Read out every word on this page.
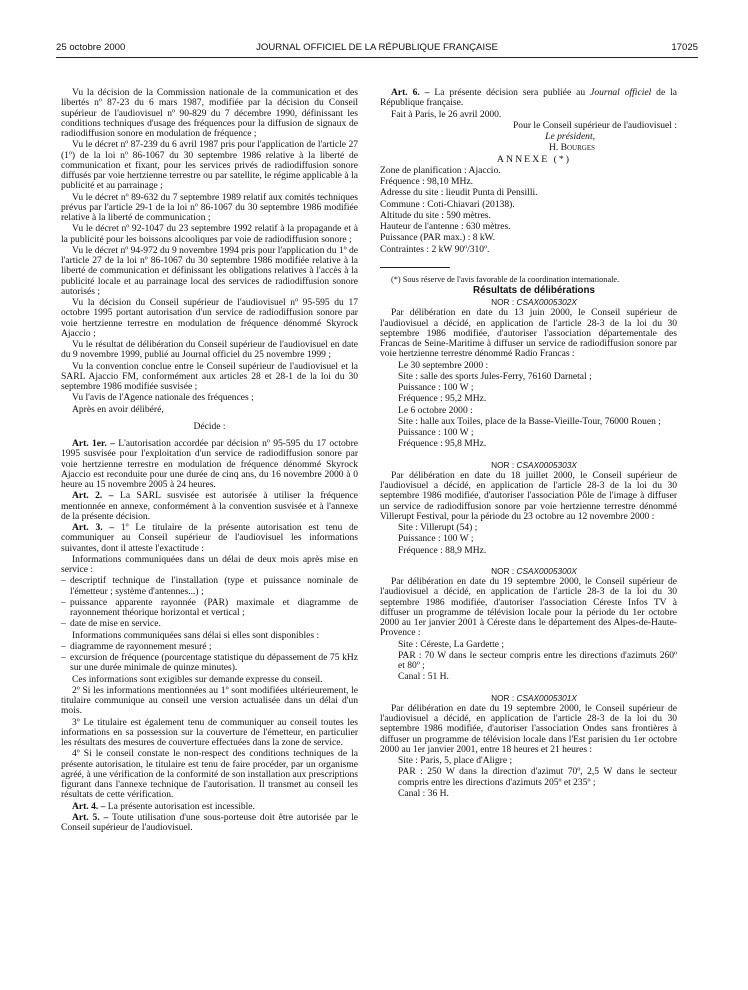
25 octobre 2000	JOURNAL OFFICIEL DE LA RÉPUBLIQUE FRANÇAISE	17025

Vu la décision de la Commission nationale de la communication et des libertés nº 87-23 du 6 mars 1987, modifiée par la décision du Conseil supérieur de l'audiovisuel nº 90-829 du 7 décembre 1990, définissant les conditions techniques d'usage des fréquences pour la diffusion de signaux de radiodiffusion sonore en modulation de fréquence ;

Vu le décret nº 87-239 du 6 avril 1987 pris pour l'application de l'article 27 (1º) de la loi nº 86-1067 du 30 septembre 1986 relative à la liberté de communication et fixant, pour les services privés de radiodiffusion sonore diffusés par voie hertzienne terrestre ou par satellite, le régime applicable à la publicité et au parrainage ;

Vu le décret nº 89-632 du 7 septembre 1989 relatif aux comités techniques prévus par l'article 29-1 de la loi nº 86-1067 du 30 septembre 1986 modifiée relative à la liberté de communication ;

Vu le décret nº 92-1047 du 23 septembre 1992 relatif à la propagande et à la publicité pour les boissons alcooliques par voie de radiodiffusion sonore ;

Vu le décret nº 94-972 du 9 novembre 1994 pris pour l'application du 1º de l'article 27 de la loi nº 86-1067 du 30 septembre 1986 modifiée relative à la liberté de communication et définissant les obligations relatives à l'accès à la publicité locale et au parrainage local des services de radiodiffusion sonore autorisés ;

Vu la décision du Conseil supérieur de l'audiovisuel nº 95-595 du 17 octobre 1995 portant autorisation d'un service de radiodiffusion sonore par voie hertzienne terrestre en modulation de fréquence dénommé Skyrock Ajaccio ;

Vu le résultat de délibération du Conseil supérieur de l'audiovisuel en date du 9 novembre 1999, publié au Journal officiel du 25 novembre 1999 ;

Vu la convention conclue entre le Conseil supérieur de l'audiovisuel et la SARL Ajaccio FM, conformément aux articles 28 et 28-1 de la loi du 30 septembre 1986 modifiée susvisée ;

Vu l'avis de l'Agence nationale des fréquences ;

Après en avoir délibéré,

Décide :

Art. 1er. – L'autorisation accordée par décision nº 95-595 du 17 octobre 1995 susvisée pour l'exploitation d'un service de radiodiffusion sonore par voie hertzienne terrestre en modulation de fréquence dénommé Skyrock Ajaccio est reconduite pour une durée de cinq ans, du 16 novembre 2000 à 0 heure au 15 novembre 2005 à 24 heures.

Art. 2. – La SARL susvisée est autorisée à utiliser la fréquence mentionnée en annexe, conformément à la convention susvisée et à l'annexe de la présente décision.

Art. 3. – 1º Le titulaire de la présente autorisation est tenu de communiquer au Conseil supérieur de l'audiovisuel les informations suivantes, dont il atteste l'exactitude :

Informations communiquées dans un délai de deux mois après mise en service :

– descriptif technique de l'installation (type et puissance nominale de l'émetteur ; système d'antennes...) ;

– puissance apparente rayonnée (PAR) maximale et diagramme de rayonnement théorique horizontal et vertical ;

– date de mise en service.

Informations communiquées sans délai si elles sont disponibles :

– diagramme de rayonnement mesuré ;

– excursion de fréquence (pourcentage statistique du dépassement de 75 kHz sur une durée minimale de quinze minutes).

Ces informations sont exigibles sur demande expresse du conseil.

2º Si les informations mentionnées au 1º sont modifiées ultérieurement, le titulaire communique au conseil une version actualisée dans un délai d'un mois.

3º Le titulaire est également tenu de communiquer au conseil toutes les informations en sa possession sur la couverture de l'émetteur, en particulier les résultats des mesures de couverture effectuées dans la zone de service.

4º Si le conseil constate le non-respect des conditions techniques de la présente autorisation, le titulaire est tenu de faire procéder, par un organisme agréé, à une vérification de la conformité de son installation aux prescriptions figurant dans l'annexe technique de l'autorisation. Il transmet au conseil les résultats de cette vérification.

Art. 4. – La présente autorisation est incessible.

Art. 5. – Toute utilisation d'une sous-porteuse doit être autorisée par le Conseil supérieur de l'audiovisuel.

Art. 6. – La présente décision sera publiée au Journal officiel de la République française.

Fait à Paris, le 26 avril 2000.

Pour le Conseil supérieur de l'audiovisuel :

Le président,

H. Bourges

ANNEXE (*)

Zone de planification : Ajaccio.

Fréquence : 98,10 MHz.

Adresse du site : lieudit Punta di Pensilli.

Commune : Coti-Chiavari (20138).

Altitude du site : 590 mètres.

Hauteur de l'antenne : 630 mètres.

Puissance (PAR max.) : 8 kW.

Contraintes : 2 kW 90º/310º.

(*) Sous réserve de l'avis favorable de la coordination internationale.

Résultats de délibérations

NOR : CSAX0005302X

Par délibération en date du 13 juin 2000, le Conseil supérieur de l'audiovisuel a décidé, en application de l'article 28-3 de la loi du 30 septembre 1986 modifiée, d'autoriser l'association départementale des Francas de Seine-Maritime à diffuser un service de radiodiffusion sonore par voie hertzienne terrestre dénommé Radio Francas :

Le 30 septembre 2000 :

Site : salle des sports Jules-Ferry, 76160 Darnetal ;

Puissance : 100 W ;

Fréquence : 95,2 MHz.

Le 6 octobre 2000 :

Site : halle aux Toiles, place de la Basse-Vieille-Tour, 76000 Rouen ;

Puissance : 100 W ;

Fréquence : 95,8 MHz.

NOR : CSAX0005303X

Par délibération en date du 18 juillet 2000, le Conseil supérieur de l'audiovisuel a décidé, en application de l'article 28-3 de la loi du 30 septembre 1986 modifiée, d'autoriser l'association Pôle de l'image à diffuser un service de radiodiffusion sonore par voie hertzienne terrestre dénommé Villerupt Festival, pour la période du 23 octobre au 12 novembre 2000 :

Site : Villerupt (54) ;

Puissance : 100 W ;

Fréquence : 88,9 MHz.

NOR : CSAX0005300X

Par délibération en date du 19 septembre 2000, le Conseil supérieur de l'audiovisuel a décidé, en application de l'article 28-3 de la loi du 30 septembre 1986 modifiée, d'autoriser l'association Céreste Infos TV à diffuser un programme de télévision locale pour la période du 1er octobre 2000 au 1er janvier 2001 à Céreste dans le département des Alpes-de-Haute-Provence :

Site : Céreste, La Gardette ;

PAR : 70 W dans le secteur compris entre les directions d'azimuts 260º et 80º ;

Canal : 51 H.

NOR : CSAX0005301X

Par délibération en date du 19 septembre 2000, le Conseil supérieur de l'audiovisuel a décidé, en application de l'article 28-3 de la loi du 30 septembre 1986 modifiée, d'autoriser l'association Ondes sans frontières à diffuser un programme de télévision locale dans l'Est parisien du 1er octobre 2000 au 1er janvier 2001, entre 18 heures et 21 heures :

Site : Paris, 5, place d'Aligre ;

PAR : 250 W dans la direction d'azimut 70º, 2,5 W dans le secteur compris entre les directions d'azimuts 205º et 235º ;

Canal : 36 H.
